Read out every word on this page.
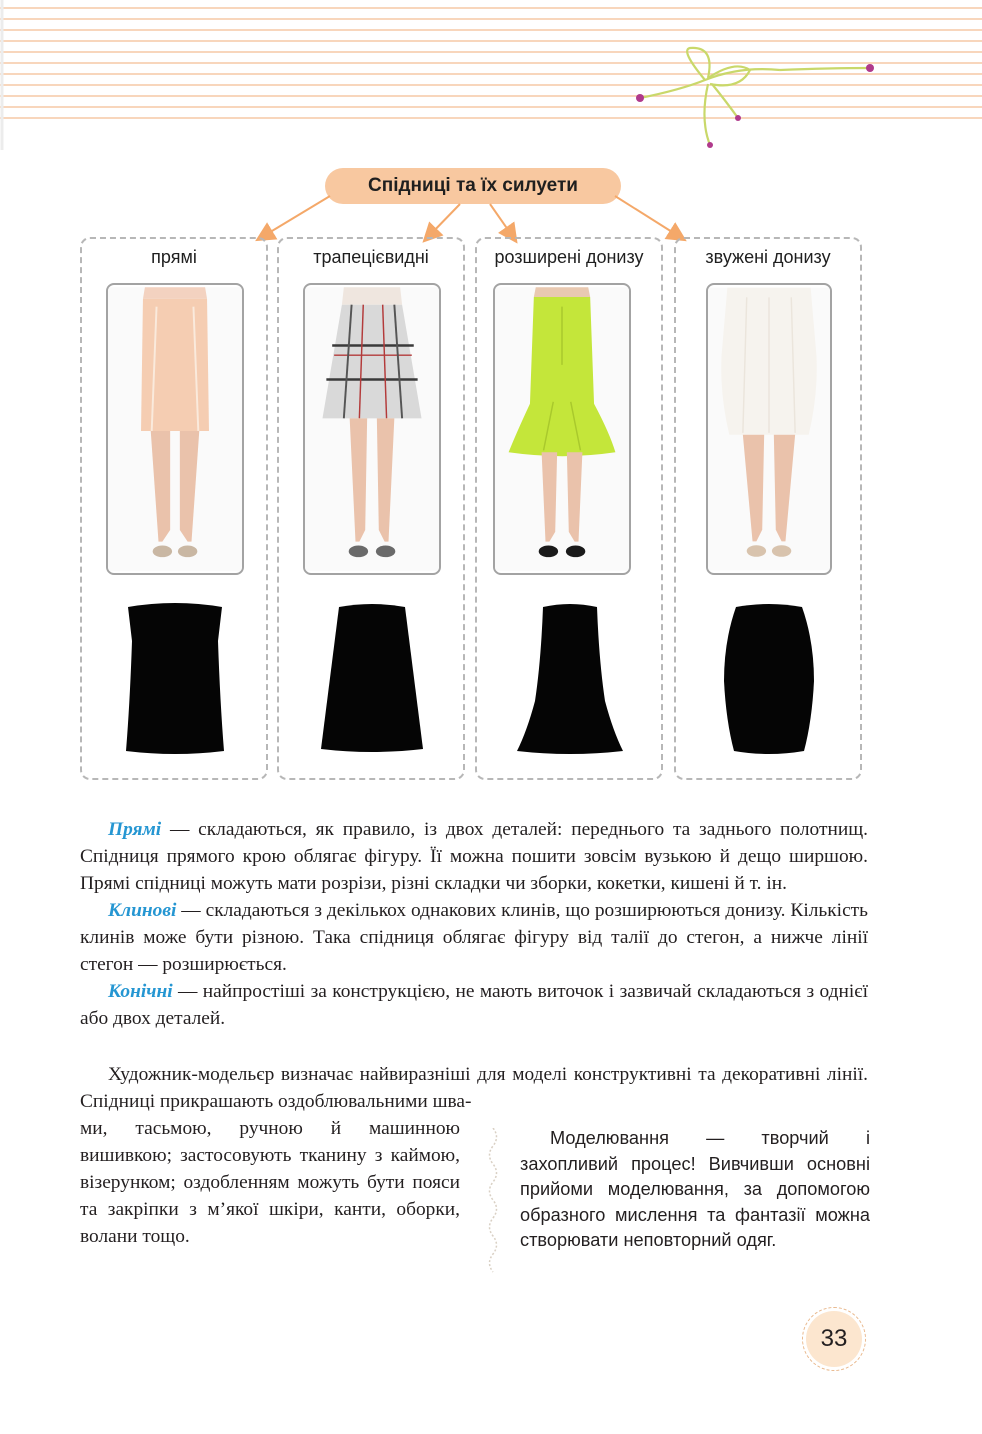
Спідниці та їх силуети
прямі	трапецієвидні	розширені донизу	звужені донизу

Прямі — складаються, як правило, із двох деталей: переднього та заднього полотнищ. Спідниця прямого крою облягає фігуру. Її можна пошити зовсім вузькою й дещо ширшою. Прямі спідниці можуть мати розрізи, різні складки чи зборки, кокетки, кишені й т. ін.

Клинові — складаються з декількох однакових клинів, що розширюються донизу. Кількість клинів може бути різною. Така спідниця облягає фігуру від талії до стегон, а нижче лінії стегон — розширюється.

Конічні — найпростіші за конструкцією, не мають виточок і зазвичай складаються з однієї або двох деталей.

Художник-модельєр визначає найвиразніші для моделі конструктивні та декоративні лінії. Спідниці прикрашають оздоблювальними шва-

ми, тасьмою, ручною й машинною вишивкою; застосовують тканину з каймою, візерунком; оздобленням можуть бути пояси та закріпки з м’якої шкіри, канти, оборки, волани тощо.

Моделювання — творчий і захопливий процес! Вивчивши основні прийоми моделювання, за допомогою образного мислення та фантазії можна створювати неповторний одяг.
33
